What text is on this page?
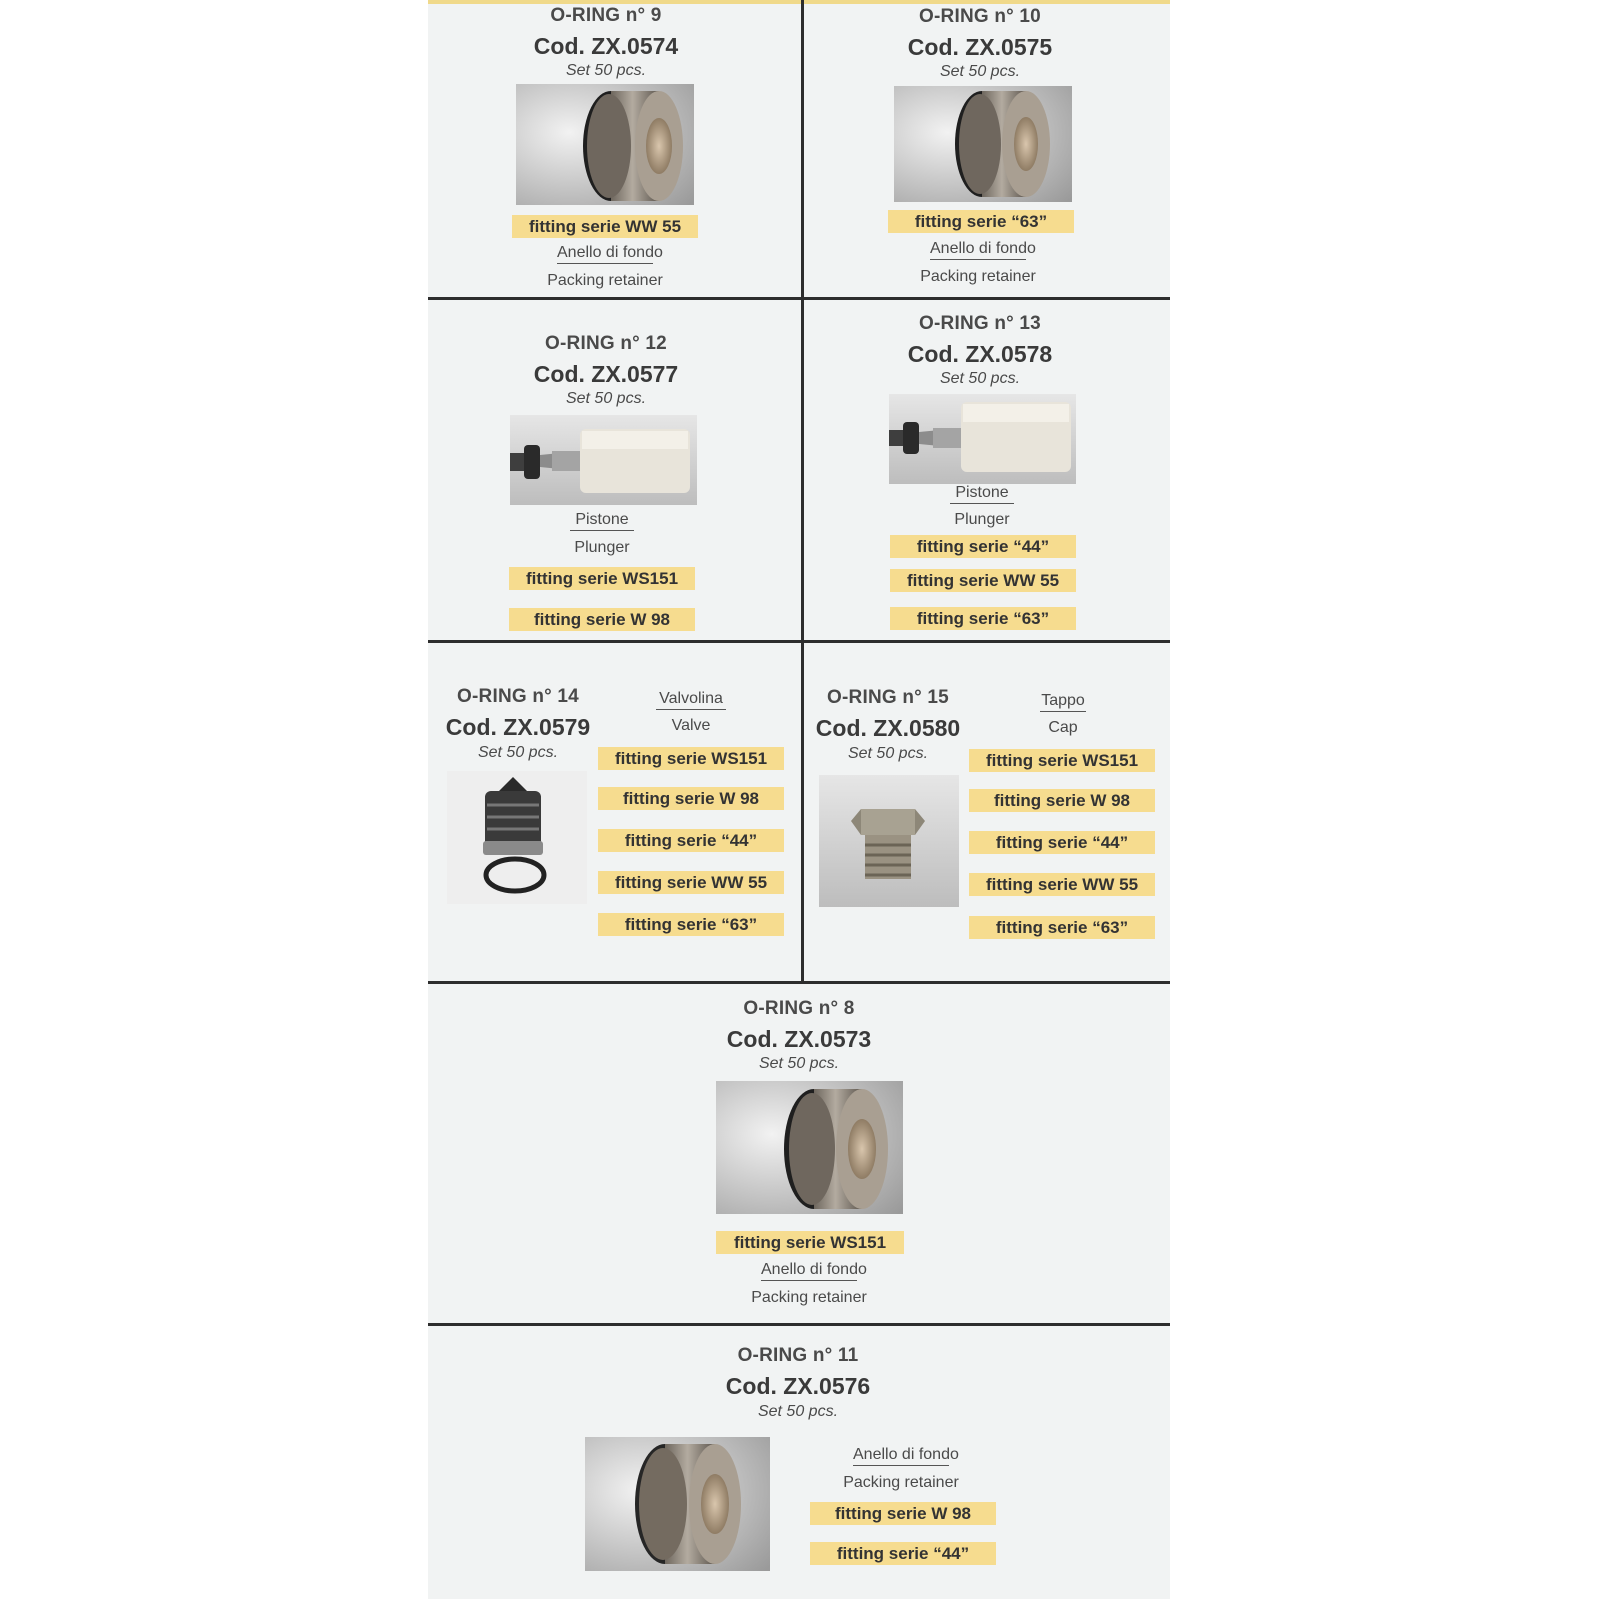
O-RING n° 9
Cod. ZX.0574
Set 50 pcs.
fitting serie WW 55
Anello di fondo
Packing retainer
O-RING n° 10
Cod. ZX.0575
Set 50 pcs.
fitting serie “63”
Anello di fondo
Packing retainer
O-RING n° 12
Cod. ZX.0577
Set 50 pcs.
Pistone
Plunger
fitting serie WS151
fitting serie W 98
O-RING n° 13
Cod. ZX.0578
Set 50 pcs.
Pistone
Plunger
fitting serie “44”
fitting serie WW 55
fitting serie “63”
O-RING n° 14
Cod. ZX.0579
Set 50 pcs.
Valvolina
Valve
fitting serie WS151
fitting serie W 98
fitting serie “44”
fitting serie WW 55
fitting serie “63”
O-RING n° 15
Cod. ZX.0580
Set 50 pcs.
Tappo
Cap
fitting serie WS151
fitting serie W 98
fitting serie “44”
fitting serie WW 55
fitting serie “63”
O-RING n° 8
Cod. ZX.0573
Set 50 pcs.
fitting serie WS151
Anello di fondo
Packing retainer
O-RING n° 11
Cod. ZX.0576
Set 50 pcs.
Anello di fondo
Packing retainer
fitting serie W 98
fitting serie “44”
